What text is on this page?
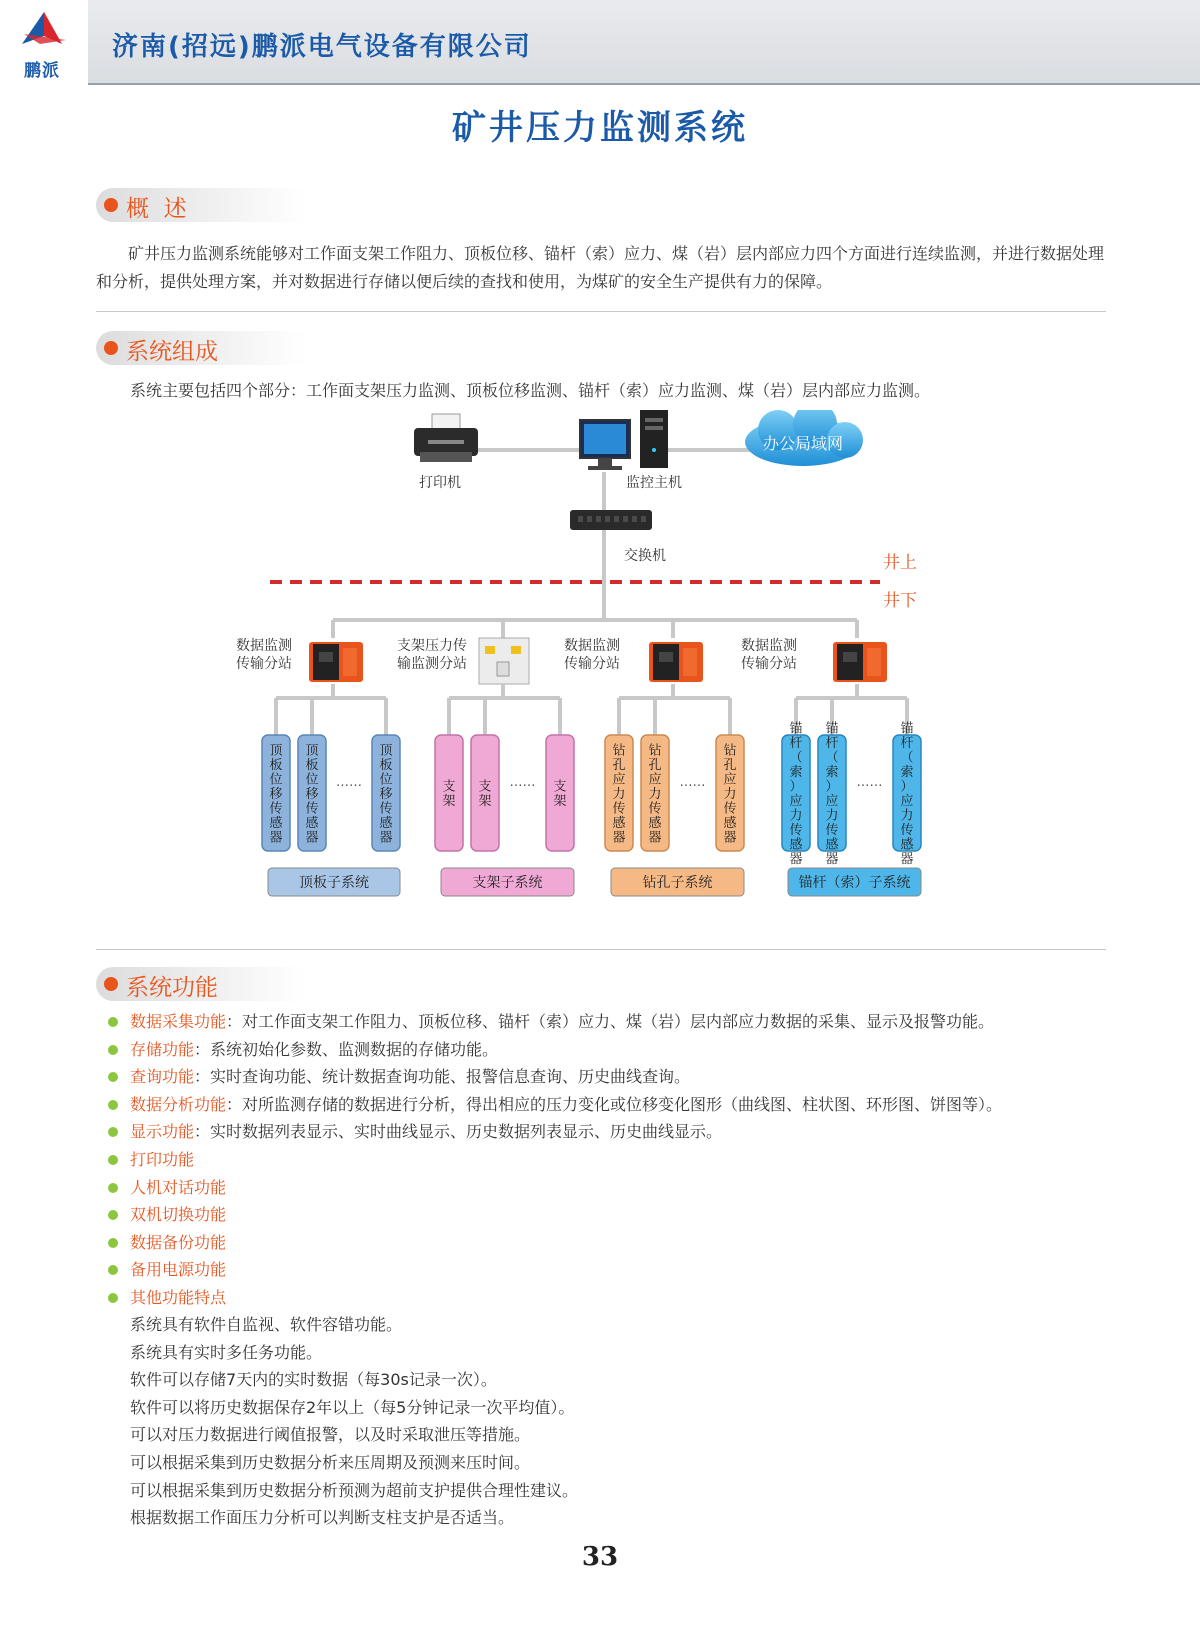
鹏派
济南(招远)鹏派电气设备有限公司
矿井压力监测系统
概  述
矿井压力监测系统能够对工作面支架工作阻力、顶板位移、锚杆（索）应力、煤（岩）层内部应力四个方面进行连续监测，并进行数据处理和分析，提供处理方案，并对数据进行存储以便后续的查找和使用，为煤矿的安全生产提供有力的保障。
系统组成
系统主要包括四个部分：工作面支架压力监测、顶板位移监测、锚杆（索）应力监测、煤（岩）层内部应力监测。
打印机	监控主机
办公局域网
交换机	井上
井下
数据监测传输分站
支架压力传输监测分站
数据监测传输分站
数据监测传输分站
顶
板
位
移
传
感
器
顶
板
位
移
传
感
器
顶
板
位
移
传
感
器
……
顶板子系统
支
架
支
架
支
架
……
支架子系统
钻
孔
应
力
传
感
器
钻
孔
应
力
传
感
器
钻
孔
应
力
传
感
器
……
钻孔子系统
锚
杆
（
索
）
应
力
传
感
器
锚
杆
（
索
）
应
力
传
感
器
锚
杆
（
索
）
应
力
传
感
器
……
锚杆（索）子系统
系统功能
数据采集功能：对工作面支架工作阻力、顶板位移、锚杆（索）应力、煤（岩）层内部应力数据的采集、显示及报警功能。
存储功能：系统初始化参数、监测数据的存储功能。
查询功能：实时查询功能、统计数据查询功能、报警信息查询、历史曲线查询。
数据分析功能：对所监测存储的数据进行分析，得出相应的压力变化或位移变化图形（曲线图、柱状图、环形图、饼图等）。
显示功能：实时数据列表显示、实时曲线显示、历史数据列表显示、历史曲线显示。
打印功能
人机对话功能
双机切换功能
数据备份功能
备用电源功能
其他功能特点
系统具有软件自监视、软件容错功能。
系统具有实时多任务功能。
软件可以存储7天内的实时数据（每30s记录一次）。
软件可以将历史数据保存2年以上（每5分钟记录一次平均值）。
可以对压力数据进行阈值报警，以及时采取泄压等措施。
可以根据采集到历史数据分析来压周期及预测来压时间。
可以根据采集到历史数据分析预测为超前支护提供合理性建议。
根据数据工作面压力分析可以判断支柱支护是否适当。
33
